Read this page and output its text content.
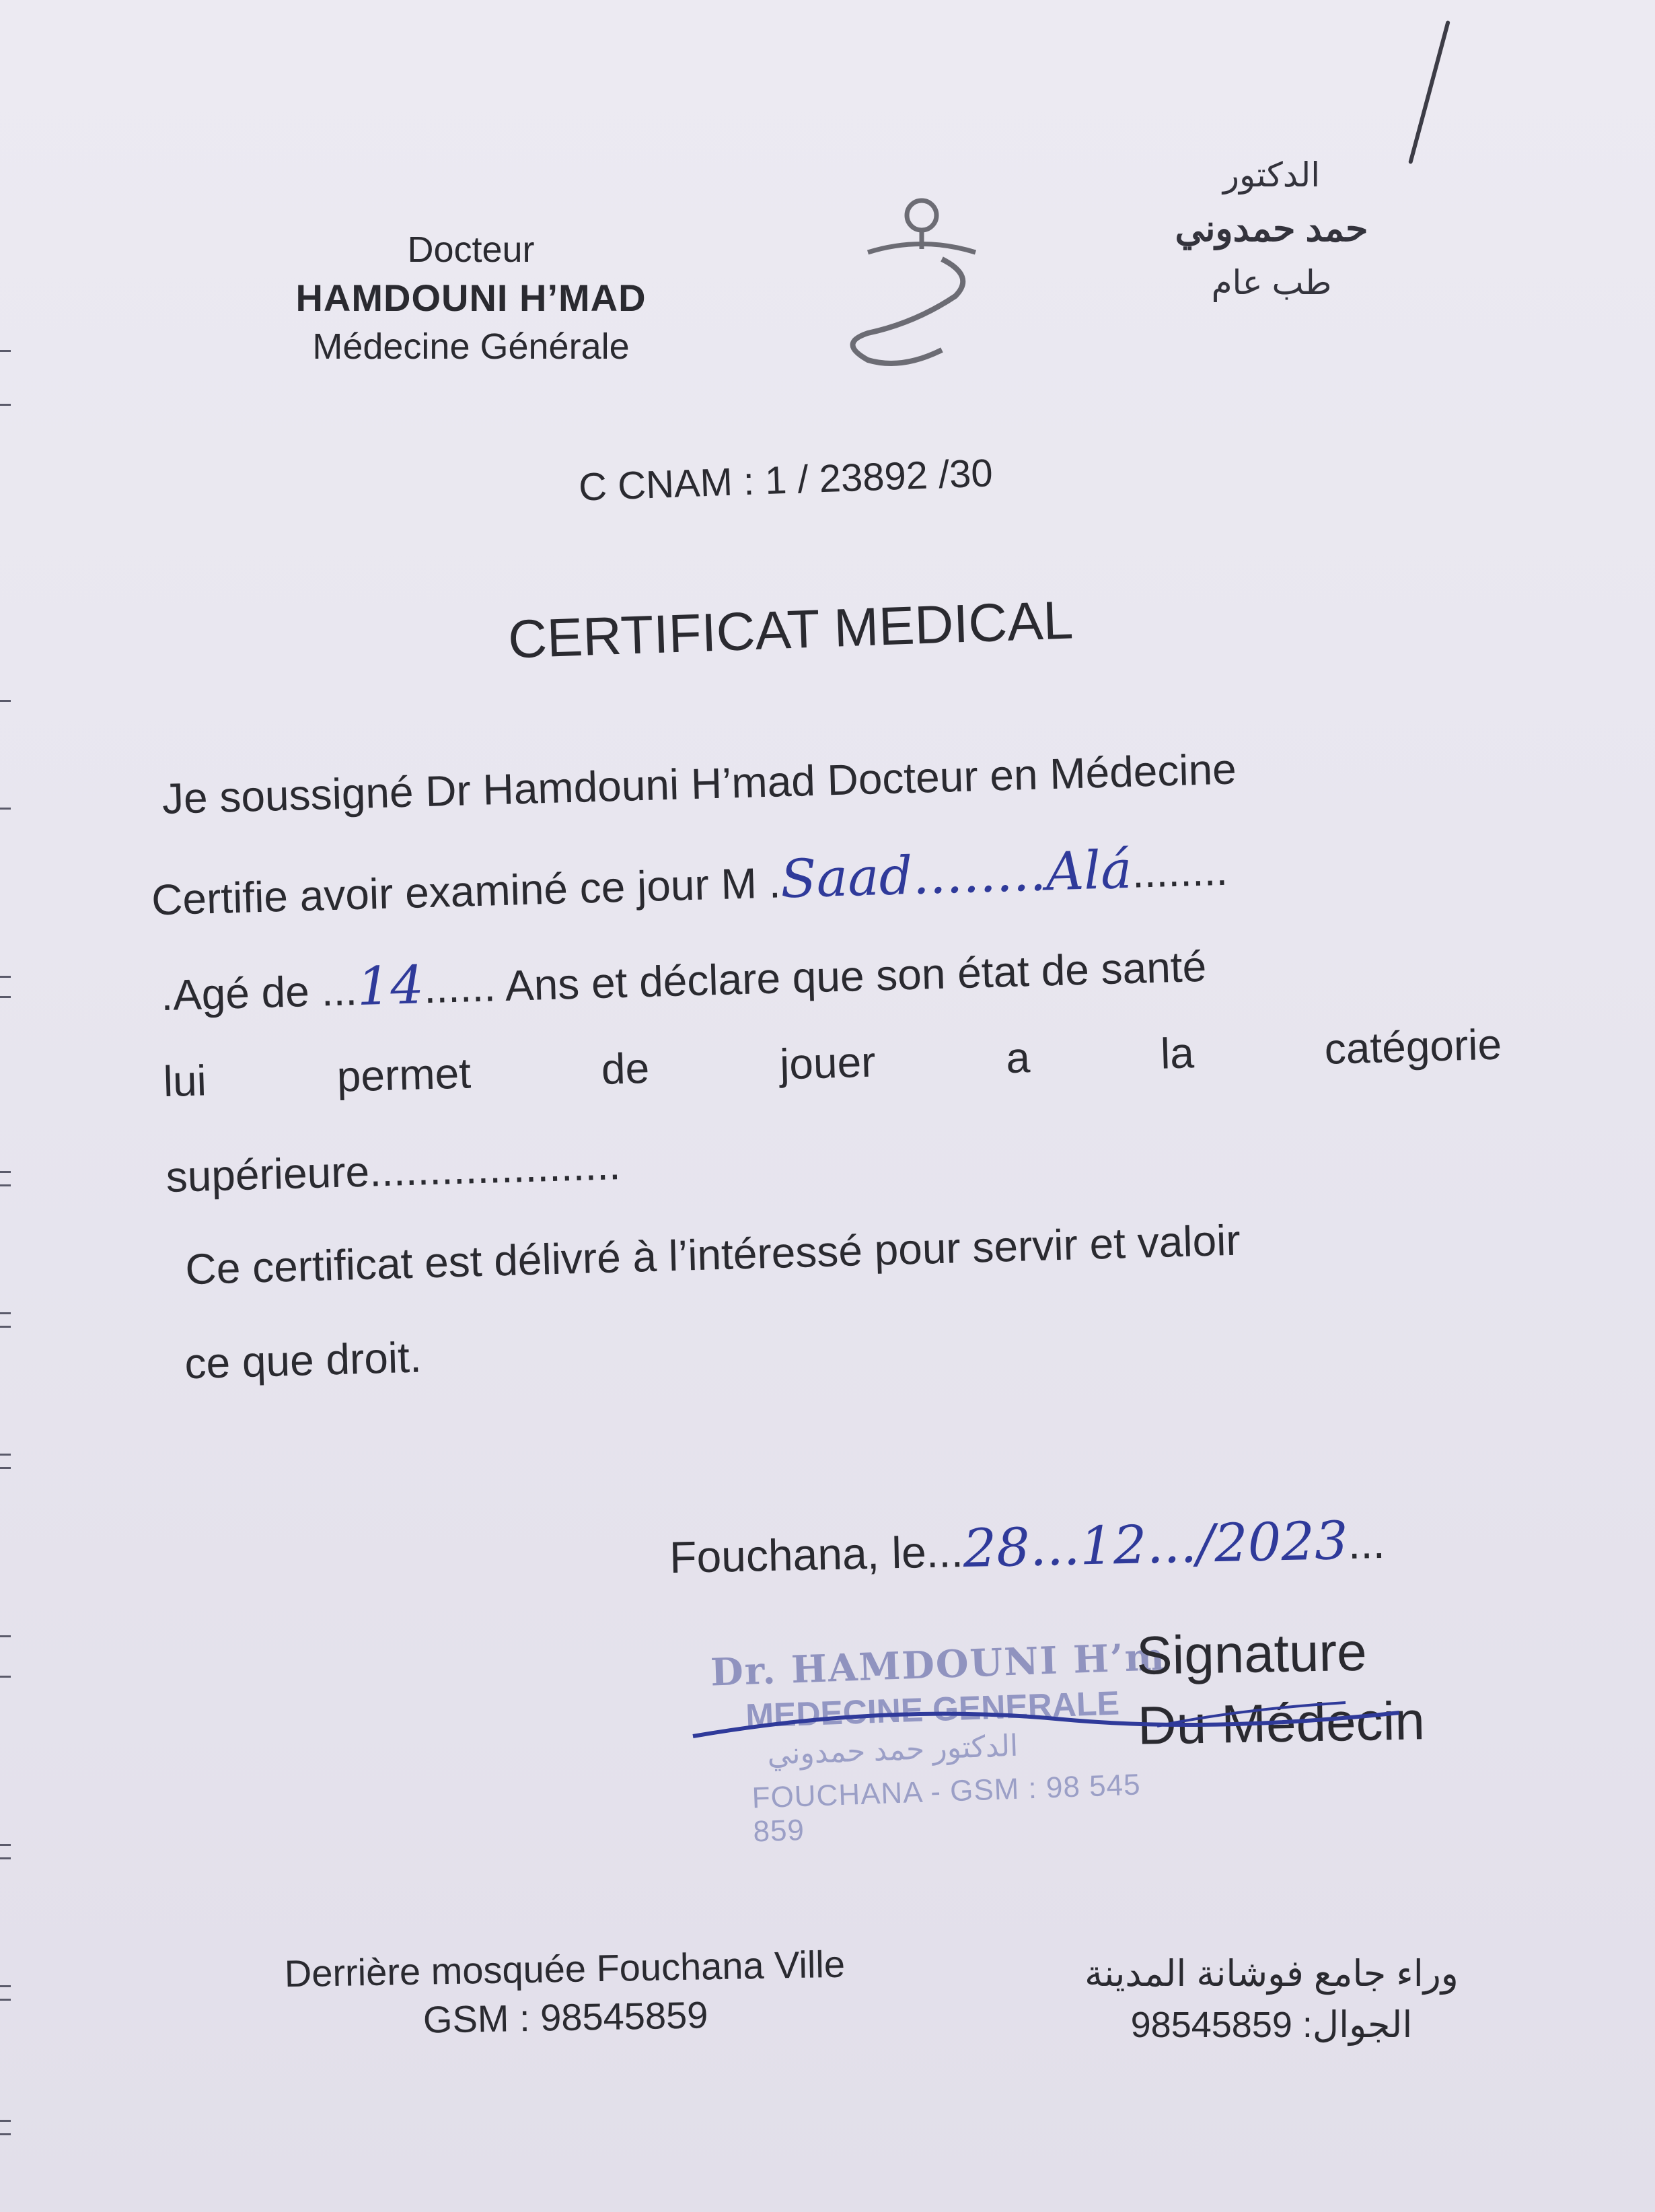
Docteur
HAMDOUNI H’MAD
Médecine Générale
الدكتور
حمد حمدوني
طب عام
C CNAM : 1 / 23892 /30
CERTIFICAT MEDICAL
Je soussigné Dr Hamdouni H’mad Docteur en Médecine
Certifie avoir examiné ce jour M .Saad........Alá........
.Agé de ...14...... Ans et déclare que son état de santé
lui	permet	de	jouer	a	la	catégorie
supérieure.....................
Ce certificat est délivré à l’intéressé pour servir et valoir
ce que droit.
Fouchana, le...28...12.../2023...
Dr. HAMDOUNI H’m
MEDECINE GENERALE
الدكتور حمد حمدوني
FOUCHANA - GSM : 98 545 859
Signature
Du Médecin
Derrière mosquée Fouchana Ville
GSM : 98545859
وراء جامع فوشانة المدينة
الجوال: 98545859
